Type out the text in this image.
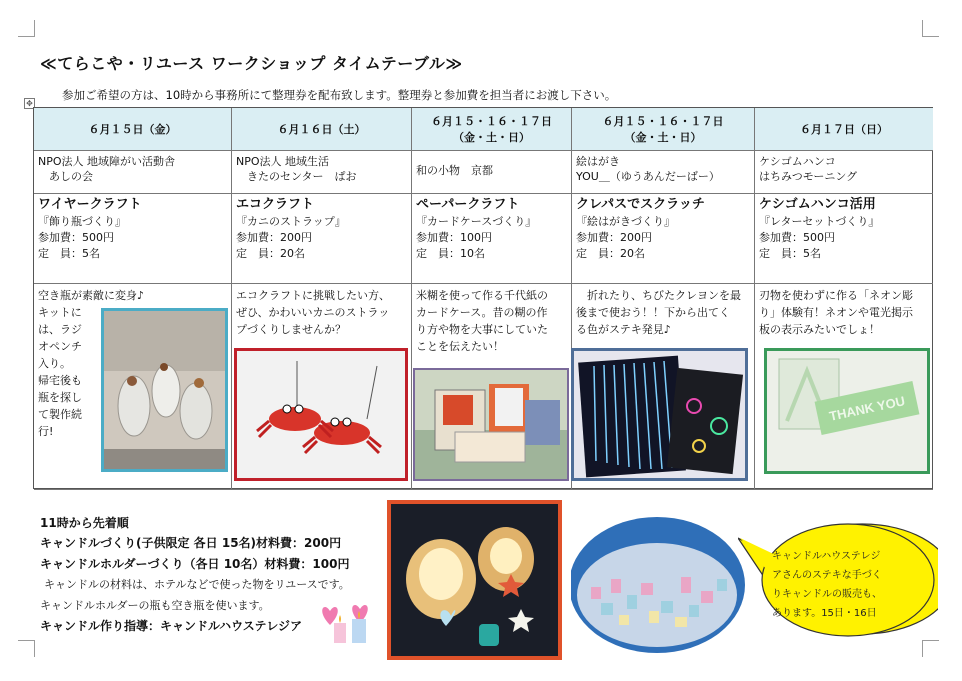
≪てらこや・リユース ワークショップ タイムテーブル≫
参加ご希望の方は、10時から事務所にて整理券を配布致します。整理券と参加費を担当者にお渡し下さい。
✥
６月１５日（金）
NPO法人 地域障がい活動舎
　あしの会
ワイヤークラフト
『飾り瓶づくり』
参加費：500円
定　員：5名
空き瓶が素敵に変身♪
キットに
は、ラジ
オペンチ
入り。
帰宅後も
瓶を探し
て製作続
行!
６月１６日（土）
NPO法人 地域生活
　きたのセンター　ぱお
エコクラフト
『カニのストラップ』
参加費：200円
定　員：20名
エコクラフトに挑戦したい方、
ぜひ、かわいいカニのストラッ
プづくりしませんか？
６月１５・１６・１７日
（金・土・日）
和の小物　京都
ペーパークラフト
『カードケースづくり』
参加費：100円
定　員：10名
米糊を使って作る千代紙の
カードケース。昔の糊の作
り方や物を大事にしていた
ことを伝えたい！
６月１５・１６・１７日
（金・土・日）
絵はがき
YOU＿（ゆうあんだーばー）
クレパスでスクラッチ
『絵はがきづくり』
参加費：200円
定　員：20名
　折れたり、ちびたクレヨンを最
後まで使おう！！下から出てく
る色がステキ発見♪
６月１７日（日）
ケシゴムハンコ
はちみつモーニング
ケシゴムハンコ活用
『レターセットづくり』
参加費：500円
定　員：5名
刃物を使わずに作る「ネオン彫
り」体験有！ネオンや電光掲示
板の表示みたいでしょ！
THANK YOU
11時から先着順
キャンドルづくり(子供限定 各日 15名)材料費：200円
キャンドルホルダーづくり（各日 10名）材料費：100円
キャンドルの材料は、ホテルなどで使った物をリユースです。
キャンドルホルダーの瓶も空き瓶を使います。
キャンドル作り指導：キャンドルハウステレジア
キャンドルハウステレジ
アさんのステキな手づく
りキャンドルの販売も、
あります。15日・16日
